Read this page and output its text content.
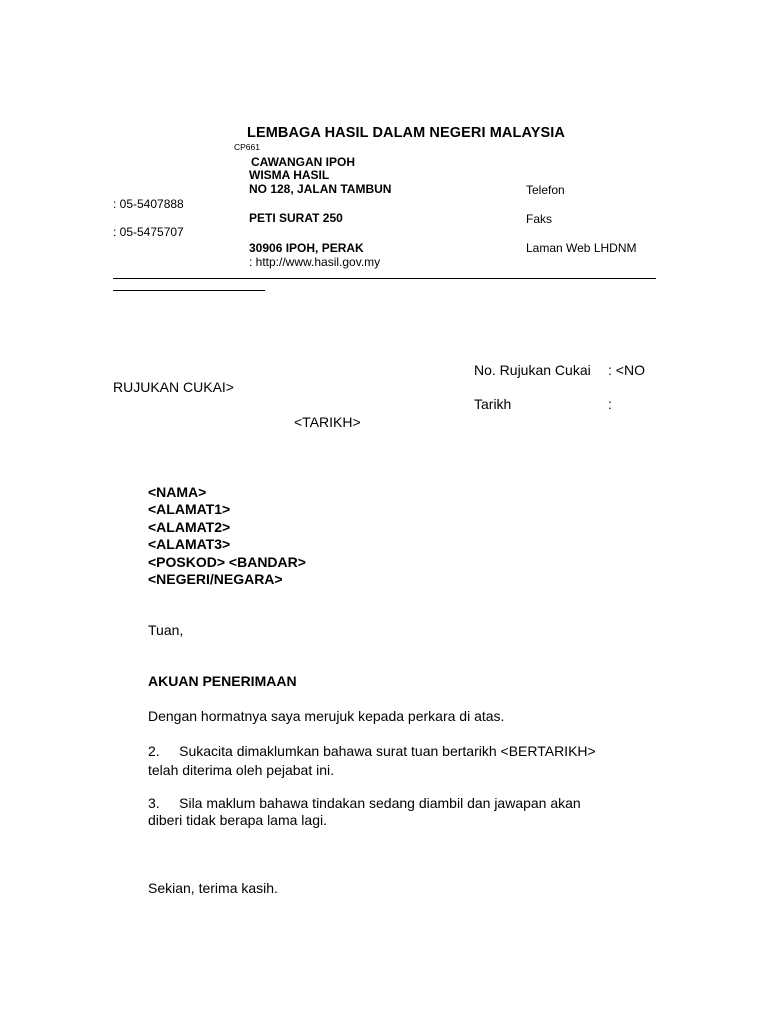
LEMBAGA HASIL DALAM NEGERI MALAYSIA
CP661
CAWANGAN IPOH
WISMA HASIL
NO 128, JALAN TAMBUN	Telefon
: 05-5407888
PETI SURAT 250	Faks
: 05-5475707
30906 IPOH, PERAK	Laman Web LHDNM
: http://www.hasil.gov.my
No. Rujukan Cukai : <NO
RUJUKAN CUKAI>
Tarikh	:
<TARIKH>
<NAMA>
<ALAMAT1>
<ALAMAT2>
<ALAMAT3>
<POSKOD> <BANDAR>
<NEGERI/NEGARA>
Tuan,
AKUAN PENERIMAAN
Dengan hormatnya saya merujuk kepada perkara di atas.
2.     Sukacita dimaklumkan bahawa surat tuan bertarikh <BERTARIKH>
telah diterima oleh pejabat ini.
3.     Sila maklum bahawa tindakan sedang diambil dan jawapan akan
diberi tidak berapa lama lagi.
Sekian, terima kasih.
